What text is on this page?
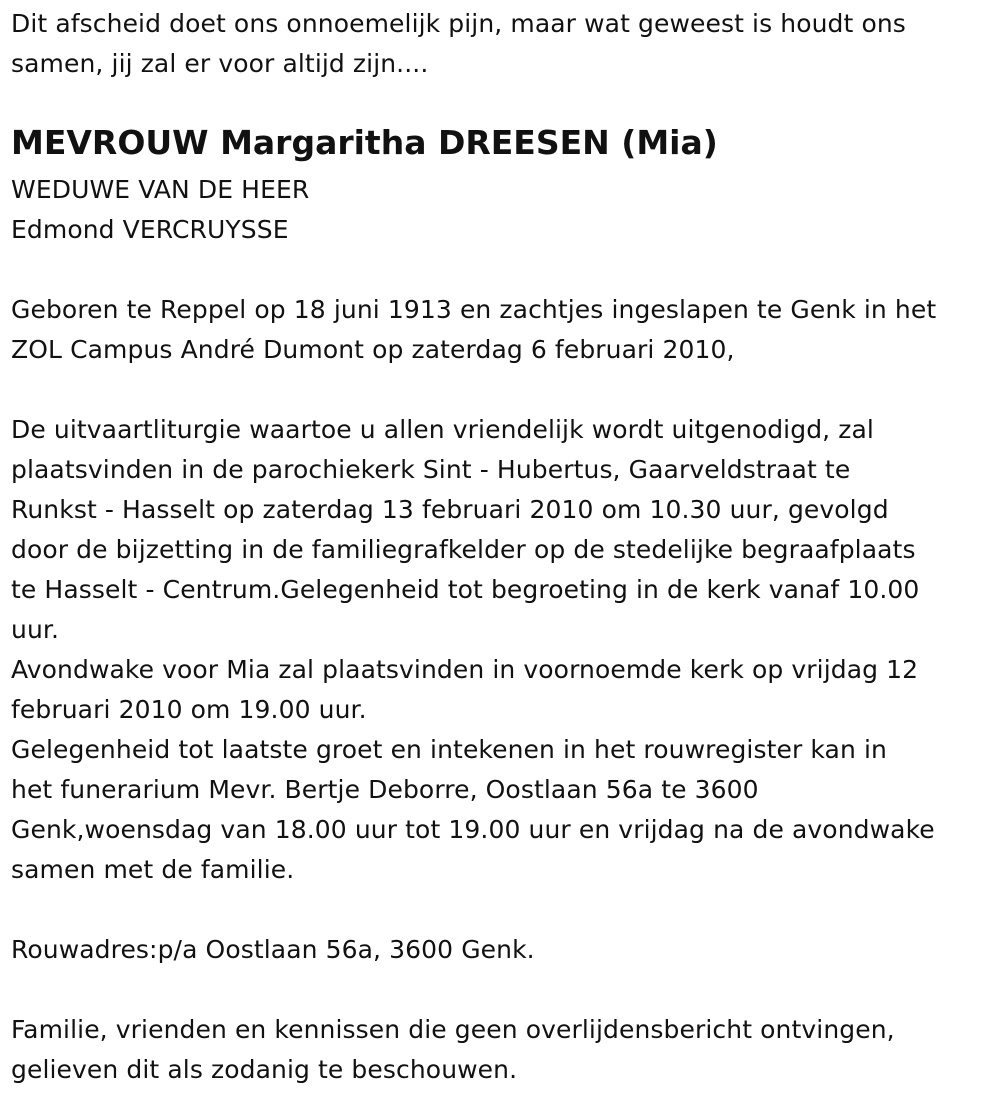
Dit afscheid doet ons onnoemelijk pijn, maar wat geweest is houdt ons
samen, jij zal er voor altijd zijn....
MEVROUW Margaritha DREESEN (Mia)
WEDUWE VAN DE HEER
Edmond VERCRUYSSE
Geboren te Reppel op 18 juni 1913 en zachtjes ingeslapen te Genk in het
ZOL Campus André Dumont op zaterdag 6 februari 2010,
De uitvaartliturgie waartoe u allen vriendelijk wordt uitgenodigd, zal
plaatsvinden in de parochiekerk Sint - Hubertus, Gaarveldstraat te
Runkst - Hasselt op zaterdag 13 februari 2010 om 10.30 uur, gevolgd
door de bijzetting in de familiegrafkelder op de stedelijke begraafplaats
te Hasselt - Centrum.Gelegenheid tot begroeting in de kerk vanaf 10.00
uur.
Avondwake voor Mia zal plaatsvinden in voornoemde kerk op vrijdag 12
februari 2010 om 19.00 uur.
Gelegenheid tot laatste groet en intekenen in het rouwregister kan in
het funerarium Mevr. Bertje Deborre, Oostlaan 56a te 3600
Genk,woensdag van 18.00 uur tot 19.00 uur en vrijdag na de avondwake
samen met de familie.
Rouwadres:p/a Oostlaan 56a, 3600 Genk.
Familie, vrienden en kennissen die geen overlijdensbericht ontvingen,
gelieven dit als zodanig te beschouwen.
